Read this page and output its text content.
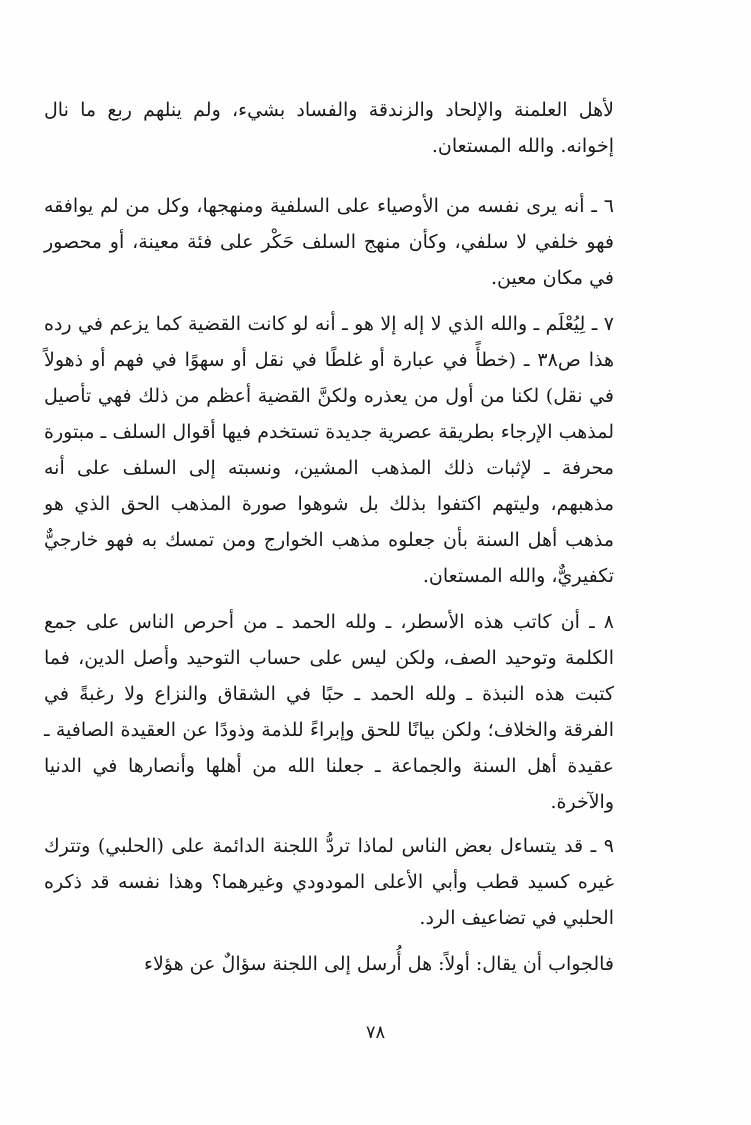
لأهل العلمنة والإلحاد والزندقة والفساد بشيء، ولم ينلهم ربع ما نال إخوانه. والله المستعان.

٦ ـ أنه يرى نفسه من الأوصياء على السلفية ومنهجها، وكل من لم يوافقه فهو خلفي لا سلفي، وكأن منهج السلف حَكْر على فئة معينة، أو محصور في مكان معين.

٧ ـ لِيُعْلَم ـ والله الذي لا إله إلا هو ـ أنه لو كانت القضية كما يزعم في رده هذا ص٣٨ ـ (خطأً في عبارة أو غلطًا في نقل أو سهوًا في فهم أو ذهولاً في نقل) لكنا من أول من يعذره ولكنَّ القضية أعظم من ذلك فهي تأصيل لمذهب الإرجاء بطريقة عصرية جديدة تستخدم فيها أقوال السلف ـ مبتورة محرفة ـ لإثبات ذلك المذهب المشين، ونسبته إلى السلف على أنه مذهبهم، وليتهم اكتفوا بذلك بل شوهوا صورة المذهب الحق الذي هو مذهب أهل السنة بأن جعلوه مذهب الخوارج ومن تمسك به فهو خارجيٌّ تكفيريٌّ، والله المستعان.

٨ ـ أن كاتب هذه الأسطر، ـ ولله الحمد ـ من أحرص الناس على جمع الكلمة وتوحيد الصف، ولكن ليس على حساب التوحيد وأصل الدين، فما كتبت هذه النبذة ـ ولله الحمد ـ حبًا في الشقاق والنزاع ولا رغبةً في الفرقة والخلاف؛ ولكن بيانًا للحق وإبراءً للذمة وذودًا عن العقيدة الصافية ـ عقيدة أهل السنة والجماعة ـ جعلنا الله من أهلها وأنصارها في الدنيا والآخرة.

٩ ـ قد يتساءل بعض الناس لماذا تردُّ اللجنة الدائمة على (الحلبي) وتترك غيره كسيد قطب وأبي الأعلى المودودي وغيرهما؟ وهذا نفسه قد ذكره الحلبي في تضاعيف الرد.

فالجواب أن يقال: أولاً: هل أُرسل إلى اللجنة سؤالٌ عن هؤلاء

٧٨
